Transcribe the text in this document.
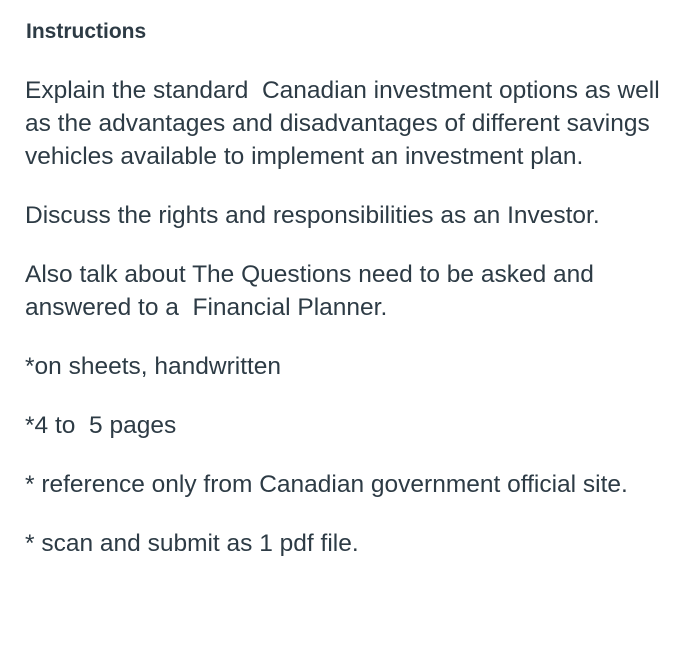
Instructions

Explain the standard  Canadian investment options as well as the advantages and disadvantages of different savings vehicles available to implement an investment plan.

Discuss the rights and responsibilities as an Investor.

Also talk about The Questions need to be asked and answered to a  Financial Planner.

*on sheets, handwritten

*4 to  5 pages

* reference only from Canadian government official site.

* scan and submit as 1 pdf file.
